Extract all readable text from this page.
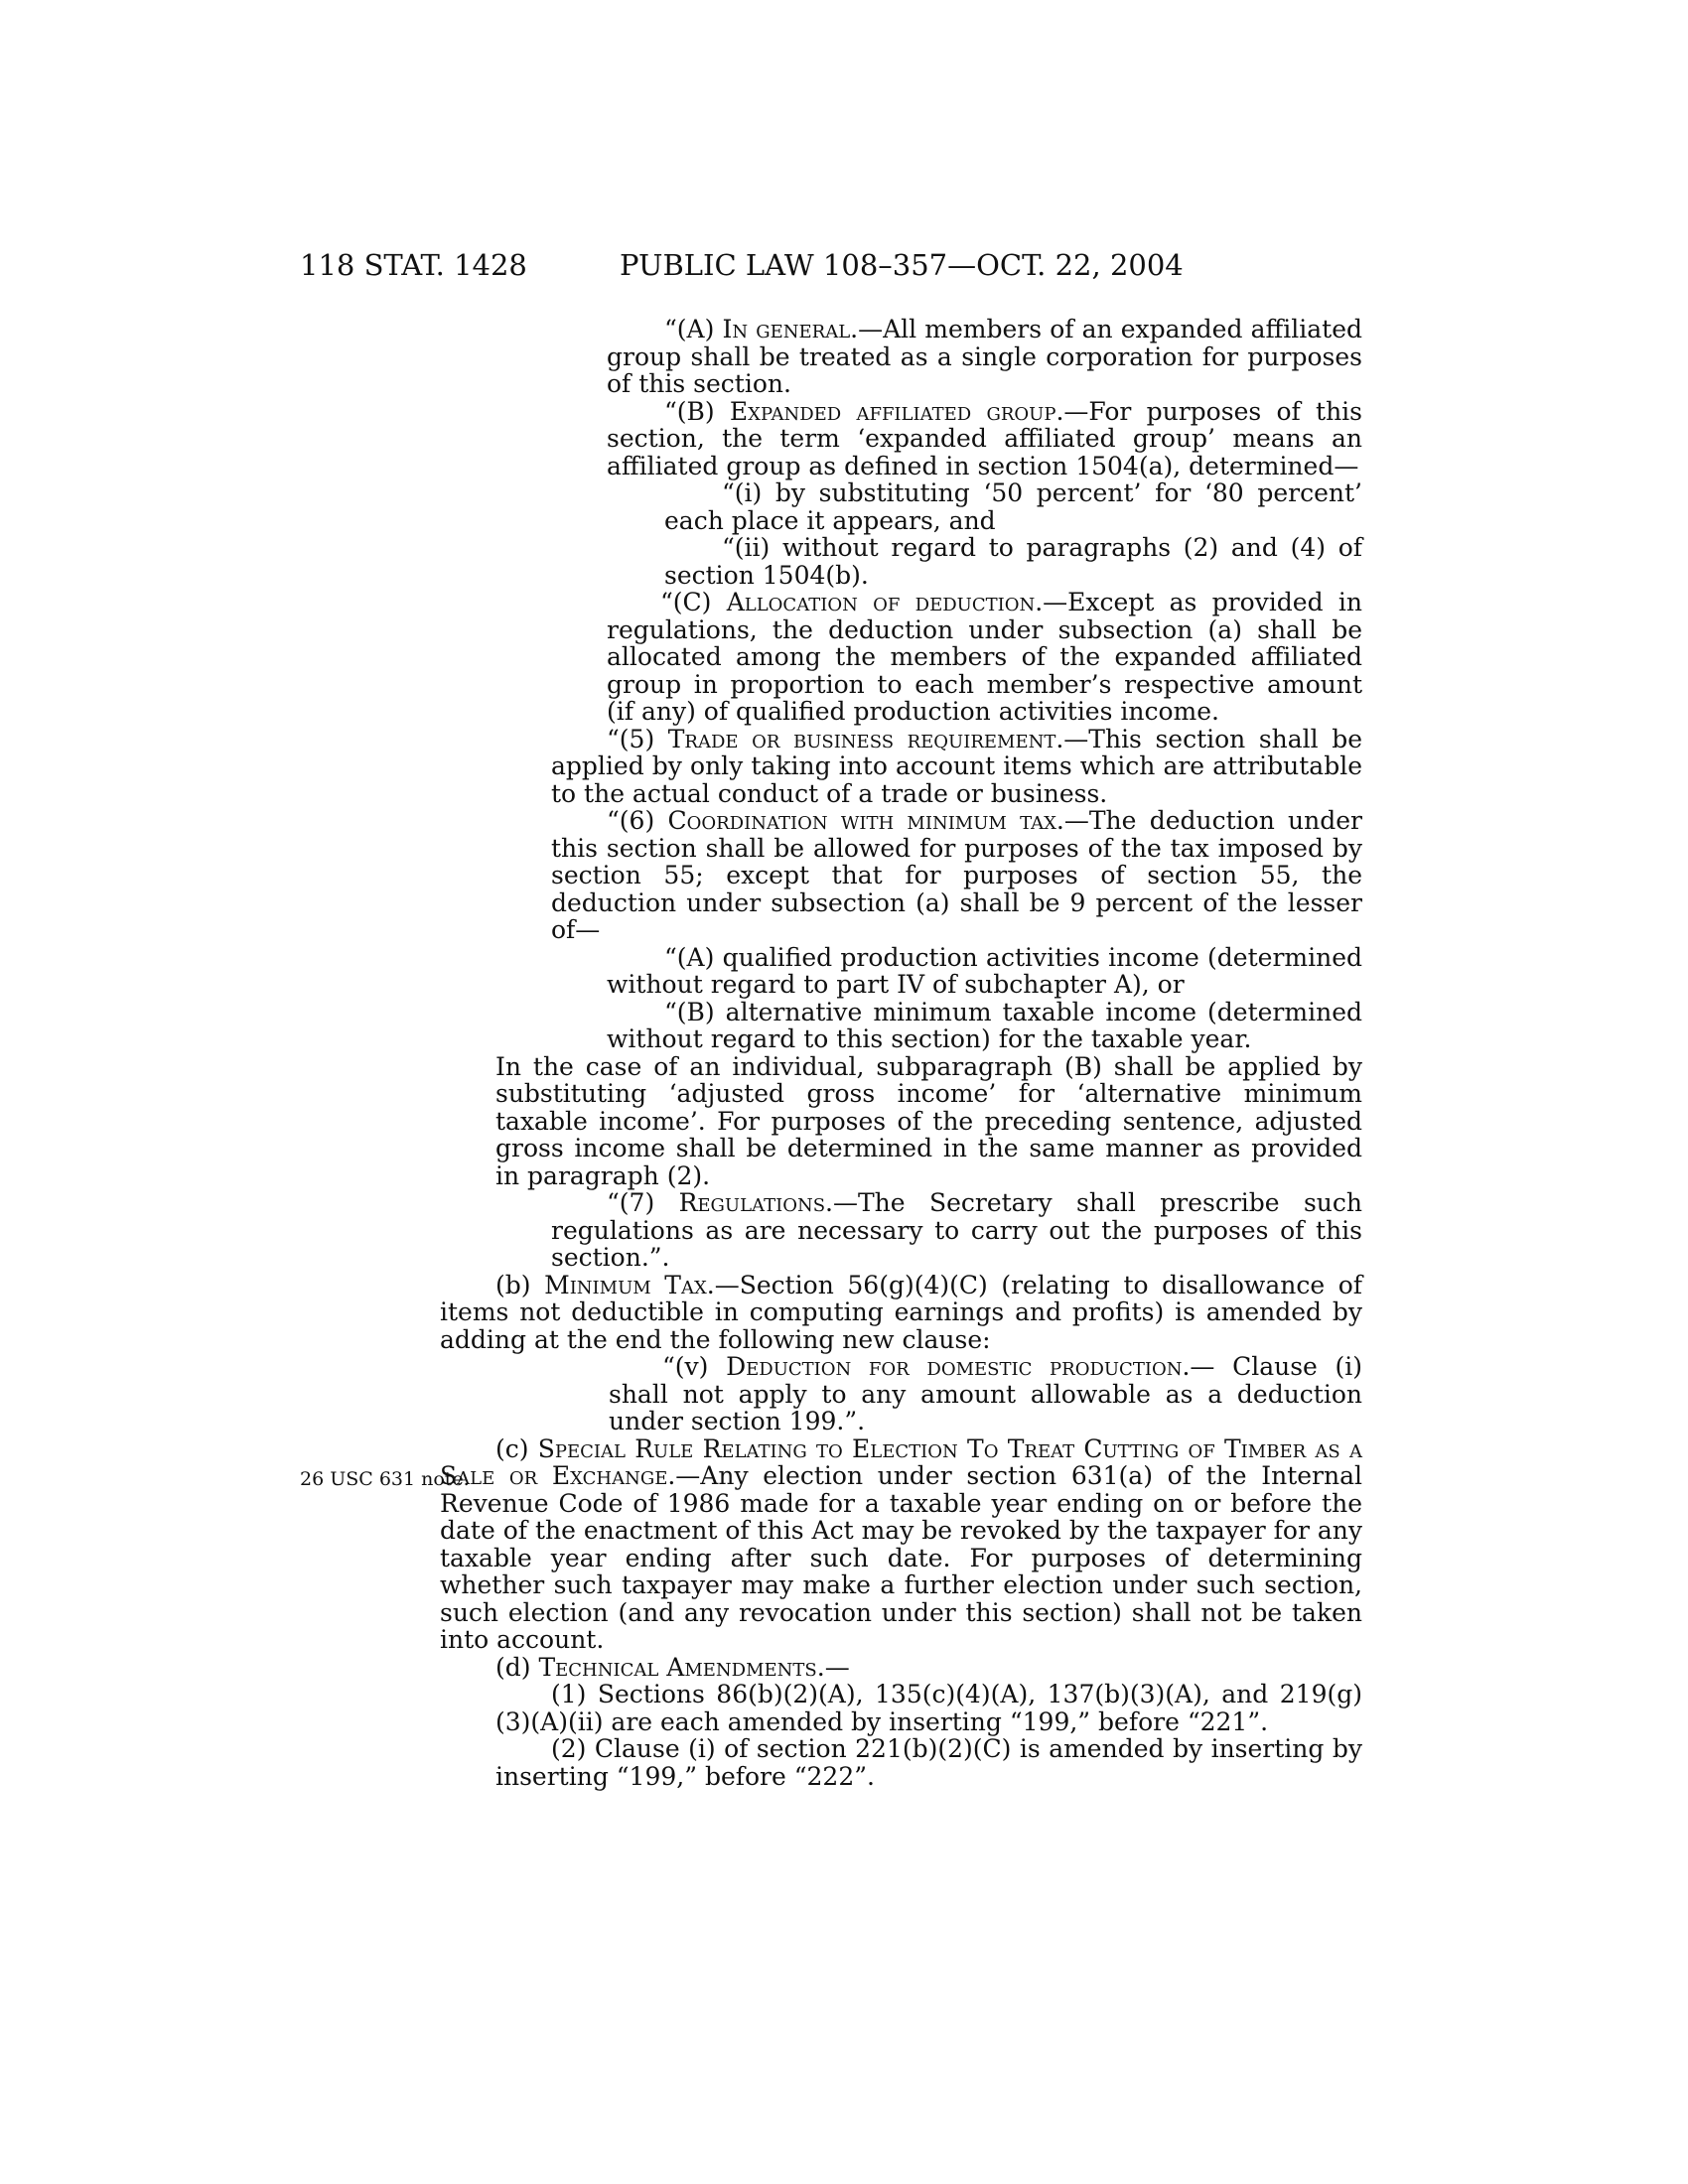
118 STAT. 1428	PUBLIC LAW 108–357—OCT. 22, 2004
26 USC 631 note.

“(A) In general.—All members of an expanded affiliated group shall be treated as a single corporation for purposes of this section.

“(B) Expanded affiliated group.—For purposes of this section, the term ‘expanded affiliated group’ means an affiliated group as defined in section 1504(a), determined—

“(i) by substituting ‘50 percent’ for ‘80 percent’ each place it appears, and

“(ii) without regard to paragraphs (2) and (4) of section 1504(b).

“(C) Allocation of deduction.—Except as provided in regulations, the deduction under subsection (a) shall be allocated among the members of the expanded affiliated group in proportion to each member’s respective amount (if any) of qualified production activities income.

“(5) Trade or business requirement.—This section shall be applied by only taking into account items which are attributable to the actual conduct of a trade or business.

“(6) Coordination with minimum tax.—The deduction under this section shall be allowed for purposes of the tax imposed by section 55; except that for purposes of section 55, the deduction under subsection (a) shall be 9 percent of the lesser of—

“(A) qualified production activities income (determined without regard to part IV of subchapter A), or

“(B) alternative minimum taxable income (determined without regard to this section) for the taxable year.

In the case of an individual, subparagraph (B) shall be applied by substituting ‘adjusted gross income’ for ‘alternative minimum taxable income’. For purposes of the preceding sentence, adjusted gross income shall be determined in the same manner as provided in paragraph (2).

“(7) Regulations.—The Secretary shall prescribe such regulations as are necessary to carry out the purposes of this section.”.

(b) Minimum Tax.—Section 56(g)(4)(C) (relating to disallowance of items not deductible in computing earnings and profits) is amended by adding at the end the following new clause:

“(v) Deduction for domestic production.— Clause (i) shall not apply to any amount allowable as a deduction under section 199.”.

(c) Special Rule Relating to Election To Treat Cutting of Timber as a Sale or Exchange.—Any election under section 631(a) of the Internal Revenue Code of 1986 made for a taxable year ending on or before the date of the enactment of this Act may be revoked by the taxpayer for any taxable year ending after such date. For purposes of determining whether such taxpayer may make a further election under such section, such election (and any revocation under this section) shall not be taken into account.

(d) Technical Amendments.—

(1) Sections 86(b)(2)(A), 135(c)(4)(A), 137(b)(3)(A), and 219(g)(3)(A)(ii) are each amended by inserting “199,” before “221”.

(2) Clause (i) of section 221(b)(2)(C) is amended by inserting by inserting “199,” before “222”.
